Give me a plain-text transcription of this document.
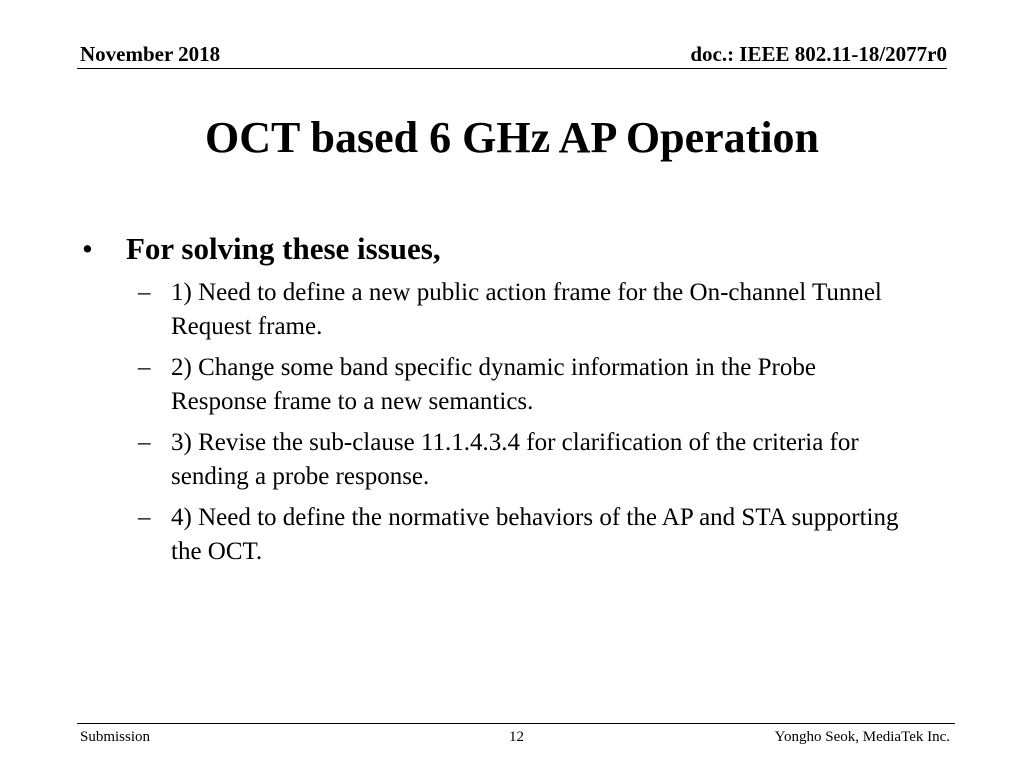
November 2018	doc.: IEEE 802.11-18/2077r0
OCT based 6 GHz AP Operation
• For solving these issues,
– 1) Need to define a new public action frame for the On-channel Tunnel Request frame.
– 2) Change some band specific dynamic information in the Probe Response frame to a new semantics.
– 3) Revise the sub-clause 11.1.4.3.4 for clarification of the criteria for sending a probe response.
– 4) Need to define the normative behaviors of the AP and STA supporting the OCT.
Submission	12	Yongho Seok, MediaTek Inc.
